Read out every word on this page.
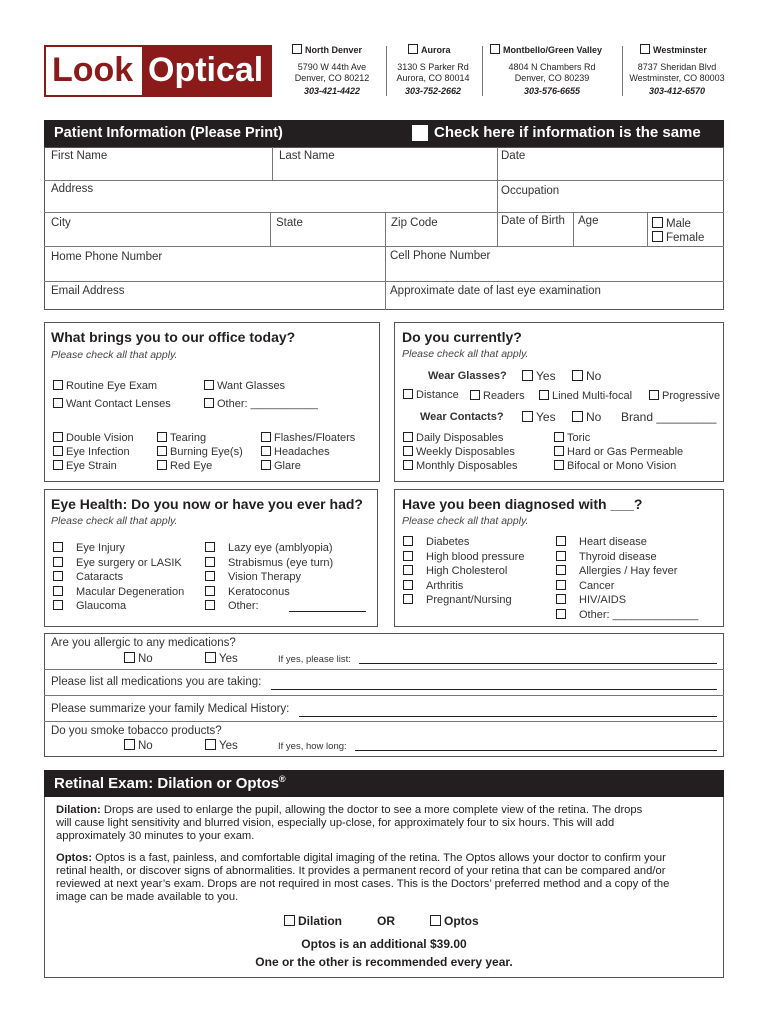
Look Optical
North Denver
5790 W 44th Ave
Denver, CO 80212
303-421-4422
Aurora
3130 S Parker Rd
Aurora, CO 80014
303-752-2662
Montbello/Green Valley
4804 N Chambers Rd
Denver, CO 80239
303-576-6655
Westminster
8737 Sheridan Blvd
Westminster, CO 80003
303-412-6570
Patient Information (Please Print)	Check here if information is the same
First Name	Last Name	Date
Address	Occupation
City	State	Zip Code	Date of Birth Age	Male
Female
Home Phone Number	Cell Phone Number
Email Address	Approximate date of last eye examination
What brings you to our office today?
Please check all that apply.
Routine Eye Exam	Want Glasses
Want Contact Lenses	Other: ___________
Double Vision
Eye Infection
Eye Strain
Tearing
Burning Eye(s)
Red Eye
Flashes/Floaters
Headaches
Glare
Do you currently?
Please check all that apply.
Wear Glasses?	Yes	No
Distance	Readers	Lined Multi-focal	Progressive
Wear Contacts?	Yes	No Brand _________
Daily Disposables
Weekly Disposables
Monthly Disposables
Toric
Hard or Gas Permeable
Bifocal or Mono Vision
Eye Health: Do you now or have you ever had?
Please check all that apply.
Eye Injury
Eye surgery or LASIK
Cataracts
Macular Degeneration
Glaucoma
Lazy eye (amblyopia)
Strabismus (eye turn)
Vision Therapy
Keratoconus
Other:
Have you been diagnosed with ___?
Please check all that apply.
Diabetes
High blood pressure
High Cholesterol
Arthritis
Pregnant/Nursing
Heart disease
Thyroid disease
Allergies / Hay fever
Cancer
HIV/AIDS
Other: ______________
Are you allergic to any medications?
No	Yes	If yes, please list:
Please list all medications you are taking:
Please summarize your family Medical History:
Do you smoke tobacco products?
No	Yes	If yes, how long:
Retinal Exam: Dilation or Optos®
Dilation: Drops are used to enlarge the pupil, allowing the doctor to see a more complete view of the retina. The drops
will cause light sensitivity and blurred vision, especially up-close, for approximately four to six hours. This will add
approximately 30 minutes to your exam.
Optos: Optos is a fast, painless, and comfortable digital imaging of the retina. The Optos allows your doctor to confirm your
retinal health, or discover signs of abnormalities. It provides a permanent record of your retina that can be compared and/or
reviewed at next year’s exam. Drops are not required in most cases. This is the Doctors’ preferred method and a copy of the
image can be made available to you.
Dilation	OR	Optos
Optos is an additional $39.00
One or the other is recommended every year.
